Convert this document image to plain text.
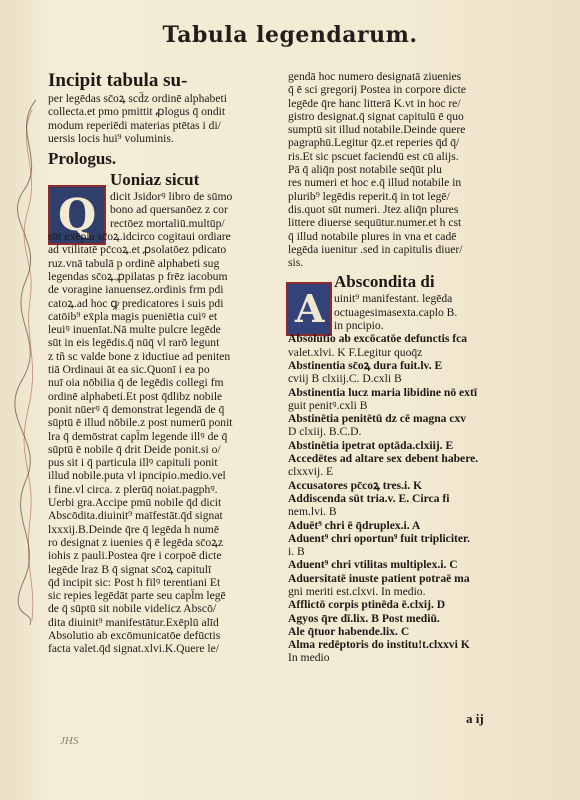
Tabula legendarum.
Q
A
Incipit tabula su-
per legēdas sc̄oꝝ scd̄z ordinē alphabeti
collecta.et pmo pmittit ꝓlogus q̄ ondit
modum reperiēdi materias ptētas i di/
uersis locis hui⁹ voluminis.
Prologus.
Uoniaz sicut
dicit Jsidorꝰ libro de sūmo
bono ad quersanōez z cor
rectōez mortaliū.multūp/
sūt exēpla sc̄oꝝ.idcirco cogitaui ordiare
ad vtilitatē pc̄coꝝ.et ꝓsolatōez pdicato
ruz.vnā tabulā p ordinē alphabeti sug
legendas sc̄oꝝ.ꝓpilatas p frēz iacobum
de voragine ianuensez.ordinis frm pdi
catoꝝ.ad hoc ꝙ predicatores i suis pdi
catōib⁹ ex̄pla magis pueniētia cuiꝰ et
leuiꝰ inuenīat.Nā multe pulcre legēde
sūt in eis legēdis.q̄ nūq̄ vl rarō legunt
z tñ sc valde bone z iductiue ad peniten
tiā Ordinaui āt ea sic.Quonī i ea po
nuī oia nōbilia q̄ de legēdis collegi fm
ordinē alphabeti.Et post q̄dlibz nobile
ponit nūerꝰ q̄ demonstrat legendā de q̄
sūptū ē illud nōbile.z post numerū ponit
lra q̄ demōstrat capl̄m legende illꝰ de q̄
sūptū ē nobile q̄ drit Deide ponit.si o/
pus sit i q̄ particula illꝰ capituli ponit
illud nobile.puta vl ipncipio.medio.vel
i fine.vl circa. z plerūq̄ noiat.pagphꝰ.
Uerbi gra.Accipe pmū nobile q̄d dicit
Abscōdita.diuinit⁹ maīfestāt.q̄d signat
lxxxij.B.Deinde q̄re q̄ legēda h numē
ro designat z iuenies q̄ ē legēda sc̄oꝝz
iohis z pauli.Postea q̄re i corpoē dicte
legēde lraz B q̄ signat sc̄oꝝ capitulī
q̄d incipit sic: Post h filꝰ terentiani Et
sic repies legēdāt parte seu capl̄m legē
de q̄ sūptū sit nobile videlicz Abscō/
dita diuinit⁹ manifestātur.Exēplū alīd
Absolutio ab excōmunicatōe defūctis
facta valet.q̄d signat.xlvi.K.Quere le/
gendā hoc numero designatā ziuenies
q̄ ē sci gregorij Postea in corpore dicte
legēde q̄re hanc litterā K.vt in hoc re/
gistro designat.q̄ signat capitulū ē quo
sumptū sit illud notabile.Deinde quere
pagraphū.Legitur q̄z.et reperies q̄d q̄/
ris.Et sic pscuet faciendū est cū alijs.
Pā q̄ aliq̄n post notabile seq̄ūt plu
res numeri et hoc e.q̄ illud notabile in
plurib⁹ legēdis reperit.q̄ in tot legē/
dis.quot sūt numeri. Jtez aliq̄n plures
littere diuerse sequūtur.numer.et h cst
q̄ illud notabile plures in vna et cadē
legēda iuenitur .sed in capitulis diuer/
sis.
Abscondita di
uinit⁹ manifestant. legēda
octuagesimasexta.caplo B.
in pncipio.
Absolutio ab excōcatōe defunctis fca
valet.xlvi. K F.Legitur quoq̄z
Abstinentia sc̄oꝝ dura fuit.lv. E
cviij B clxiij.C. D.cxli B
Abstinentia lucz maria libidine nō extī
guit penitꝰ.cxli B
Abstinētia penitētū dz cē magna cxv
D clxiij. B.C.D.
Abstinētia ipetrat optāda.clxiij. E
Accedētes ad altare sex debent habere.
clxxvij. E
Accusatores pc̄coꝝ tres.i. K
Addiscenda sūt tria.v. E. Circa fi
nem.lvi. B
Aduēt⁹ chri ē q̄druplex.i. A
Aduent⁹ chri oportun⁹ fuit tripliciter.
i. B
Aduent⁹ chri vtilitas multiplex.i. C
Aduersitatē inuste patient potraē ma
gni meriti est.clxvi. In medio.
Afflictō corpis ptinēda ē.clxij. D
Agyos q̄re dī.lix. B Post mediū.
Ale q̄tuor habende.lix. C
Alma redēptoris do institu!t.clxxvi K
In medio
a ij
JHS
